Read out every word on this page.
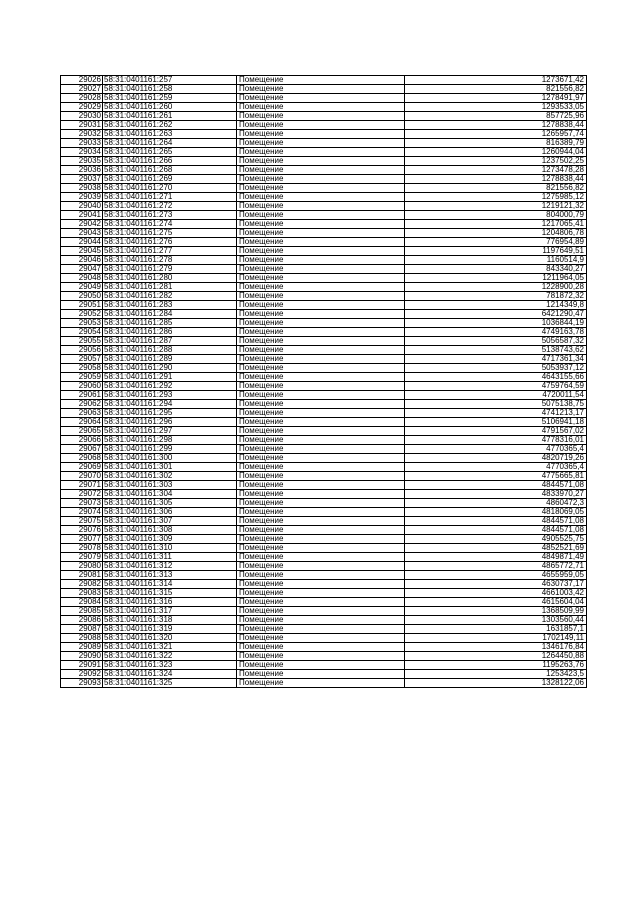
29026	58:31:0401161:257	Помещение	1273671,42
29027	58:31:0401161:258	Помещение	821556,82
29028	58:31:0401161:259	Помещение	1278491,97
29029	58:31:0401161:260	Помещение	1293533,05
29030	58:31:0401161:261	Помещение	857725,96
29031	58:31:0401161:262	Помещение	1278838,44
29032	58:31:0401161:263	Помещение	1265957,74
29033	58:31:0401161:264	Помещение	816389,79
29034	58:31:0401161:265	Помещение	1260944,04
29035	58:31:0401161:266	Помещение	1237502,25
29036	58:31:0401161:268	Помещение	1273478,28
29037	58:31:0401161:269	Помещение	1278838,44
29038	58:31:0401161:270	Помещение	821556,82
29039	58:31:0401161:271	Помещение	1275985,12
29040	58:31:0401161:272	Помещение	1219121,32
29041	58:31:0401161:273	Помещение	804000,79
29042	58:31:0401161:274	Помещение	1217065,41
29043	58:31:0401161:275	Помещение	1204806,78
29044	58:31:0401161:276	Помещение	776954,89
29045	58:31:0401161:277	Помещение	1197649,51
29046	58:31:0401161:278	Помещение	1160514,9
29047	58:31:0401161:279	Помещение	843340,27
29048	58:31:0401161:280	Помещение	1211964,05
29049	58:31:0401161:281	Помещение	1228900,28
29050	58:31:0401161:282	Помещение	781872,32
29051	58:31:0401161:283	Помещение	1214349,8
29052	58:31:0401161:284	Помещение	6421290,47
29053	58:31:0401161:285	Помещение	1036844,19
29054	58:31:0401161:286	Помещение	4749163,78
29055	58:31:0401161:287	Помещение	5056587,32
29056	58:31:0401161:288	Помещение	5138743,62
29057	58:31:0401161:289	Помещение	4717361,34
29058	58:31:0401161:290	Помещение	5053937,12
29059	58:31:0401161:291	Помещение	4643155,66
29060	58:31:0401161:292	Помещение	4759764,59
29061	58:31:0401161:293	Помещение	4720011,54
29062	58:31:0401161:294	Помещение	5075138,75
29063	58:31:0401161:295	Помещение	4741213,17
29064	58:31:0401161:296	Помещение	5106941,18
29065	58:31:0401161:297	Помещение	4791567,02
29066	58:31:0401161:298	Помещение	4778316,01
29067	58:31:0401161:299	Помещение	4770365,4
29068	58:31:0401161:300	Помещение	4820719,26
29069	58:31:0401161:301	Помещение	4770365,4
29070	58:31:0401161:302	Помещение	4775665,81
29071	58:31:0401161:303	Помещение	4844571,08
29072	58:31:0401161:304	Помещение	4833970,27
29073	58:31:0401161:305	Помещение	4860472,3
29074	58:31:0401161:306	Помещение	4818069,05
29075	58:31:0401161:307	Помещение	4844571,08
29076	58:31:0401161:308	Помещение	4844571,08
29077	58:31:0401161:309	Помещение	4905525,75
29078	58:31:0401161:310	Помещение	4852521,69
29079	58:31:0401161:311	Помещение	4849871,49
29080	58:31:0401161:312	Помещение	4865772,71
29081	58:31:0401161:313	Помещение	4655959,05
29082	58:31:0401161:314	Помещение	4630737,17
29083	58:31:0401161:315	Помещение	4661003,42
29084	58:31:0401161:316	Помещение	4615604,04
29085	58:31:0401161:317	Помещение	1368509,99
29086	58:31:0401161:318	Помещение	1303560,44
29087	58:31:0401161:319	Помещение	1631857,1
29088	58:31:0401161:320	Помещение	1702149,11
29089	58:31:0401161:321	Помещение	1346176,84
29090	58:31:0401161:322	Помещение	1264450,88
29091	58:31:0401161:323	Помещение	1195263,76
29092	58:31:0401161:324	Помещение	1253423,5
29093	58:31:0401161:325	Помещение	1328122,06
